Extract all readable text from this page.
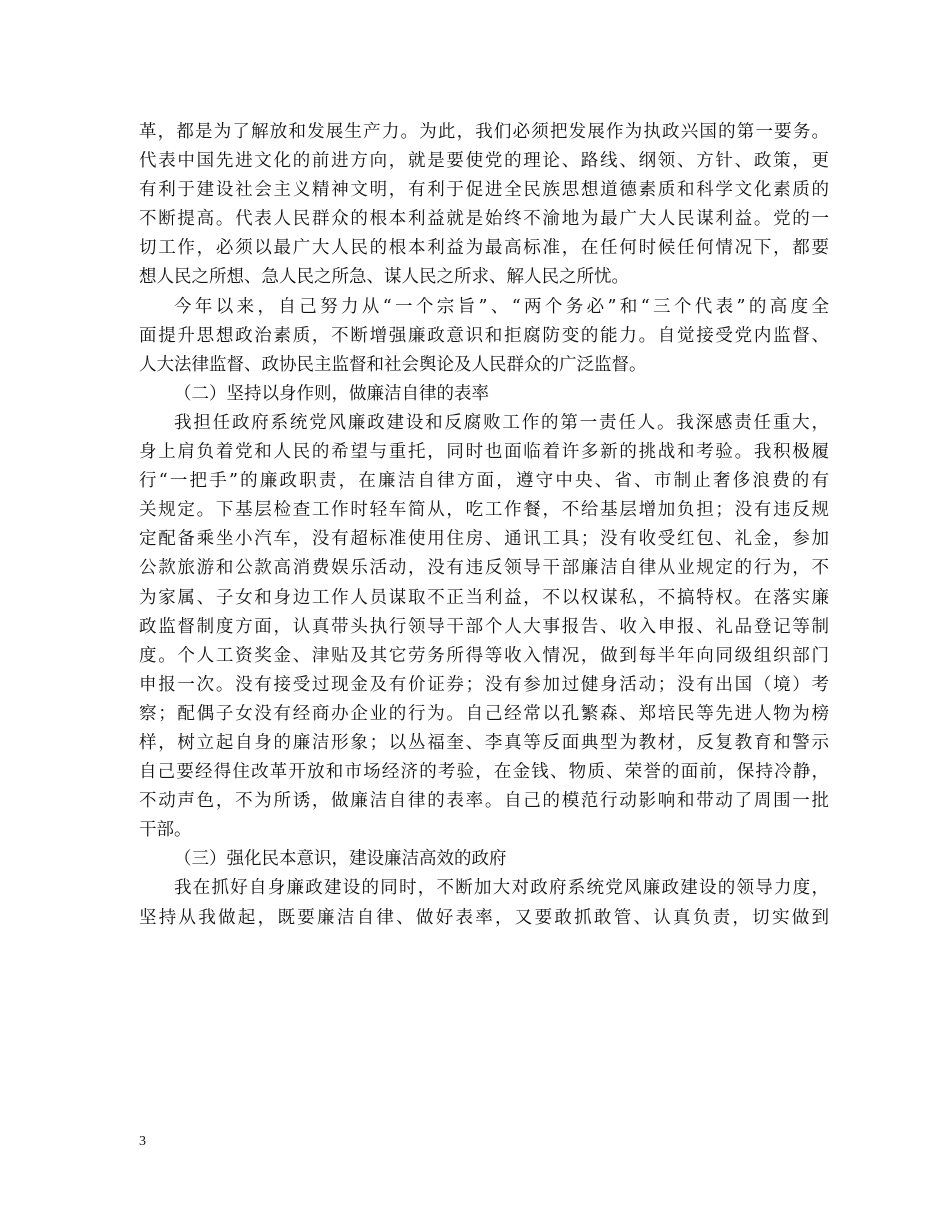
革，都是为了解放和发展生产力。为此，我们必须把发展作为执政兴国的第一要务。
代表中国先进文化的前进方向，就是要使党的理论、路线、纲领、方针、政策，更
有利于建设社会主义精神文明，有利于促进全民族思想道德素质和科学文化素质的
不断提高。代表人民群众的根本利益就是始终不渝地为最广大人民谋利益。党的一
切工作，必须以最广大人民的根本利益为最高标准，在任何时候任何情况下，都要
想人民之所想、急人民之所急、谋人民之所求、解人民之所忧。
今年以来，自己努力从“一个宗旨”、“两个务必”和“三个代表”的高度全
面提升思想政治素质，不断增强廉政意识和拒腐防变的能力。自觉接受党内监督、
人大法律监督、政协民主监督和社会舆论及人民群众的广泛监督。
（二）坚持以身作则，做廉洁自律的表率
我担任政府系统党风廉政建设和反腐败工作的第一责任人。我深感责任重大，
身上肩负着党和人民的希望与重托，同时也面临着许多新的挑战和考验。我积极履
行“一把手”的廉政职责，在廉洁自律方面，遵守中央、省、市制止奢侈浪费的有
关规定。下基层检查工作时轻车简从，吃工作餐，不给基层增加负担；没有违反规
定配备乘坐小汽车，没有超标准使用住房、通讯工具；没有收受红包、礼金，参加
公款旅游和公款高消费娱乐活动，没有违反领导干部廉洁自律从业规定的行为，不
为家属、子女和身边工作人员谋取不正当利益，不以权谋私，不搞特权。在落实廉
政监督制度方面，认真带头执行领导干部个人大事报告、收入申报、礼品登记等制
度。个人工资奖金、津贴及其它劳务所得等收入情况，做到每半年向同级组织部门
申报一次。没有接受过现金及有价证券；没有参加过健身活动；没有出国（境）考
察；配偶子女没有经商办企业的行为。自己经常以孔繁森、郑培民等先进人物为榜
样，树立起自身的廉洁形象；以丛福奎、李真等反面典型为教材，反复教育和警示
自己要经得住改革开放和市场经济的考验，在金钱、物质、荣誉的面前，保持冷静，
不动声色，不为所诱，做廉洁自律的表率。自己的模范行动影响和带动了周围一批
干部。
（三）强化民本意识，建设廉洁高效的政府
我在抓好自身廉政建设的同时，不断加大对政府系统党风廉政建设的领导力度，
坚持从我做起，既要廉洁自律、做好表率，又要敢抓敢管、认真负责，切实做到
3
